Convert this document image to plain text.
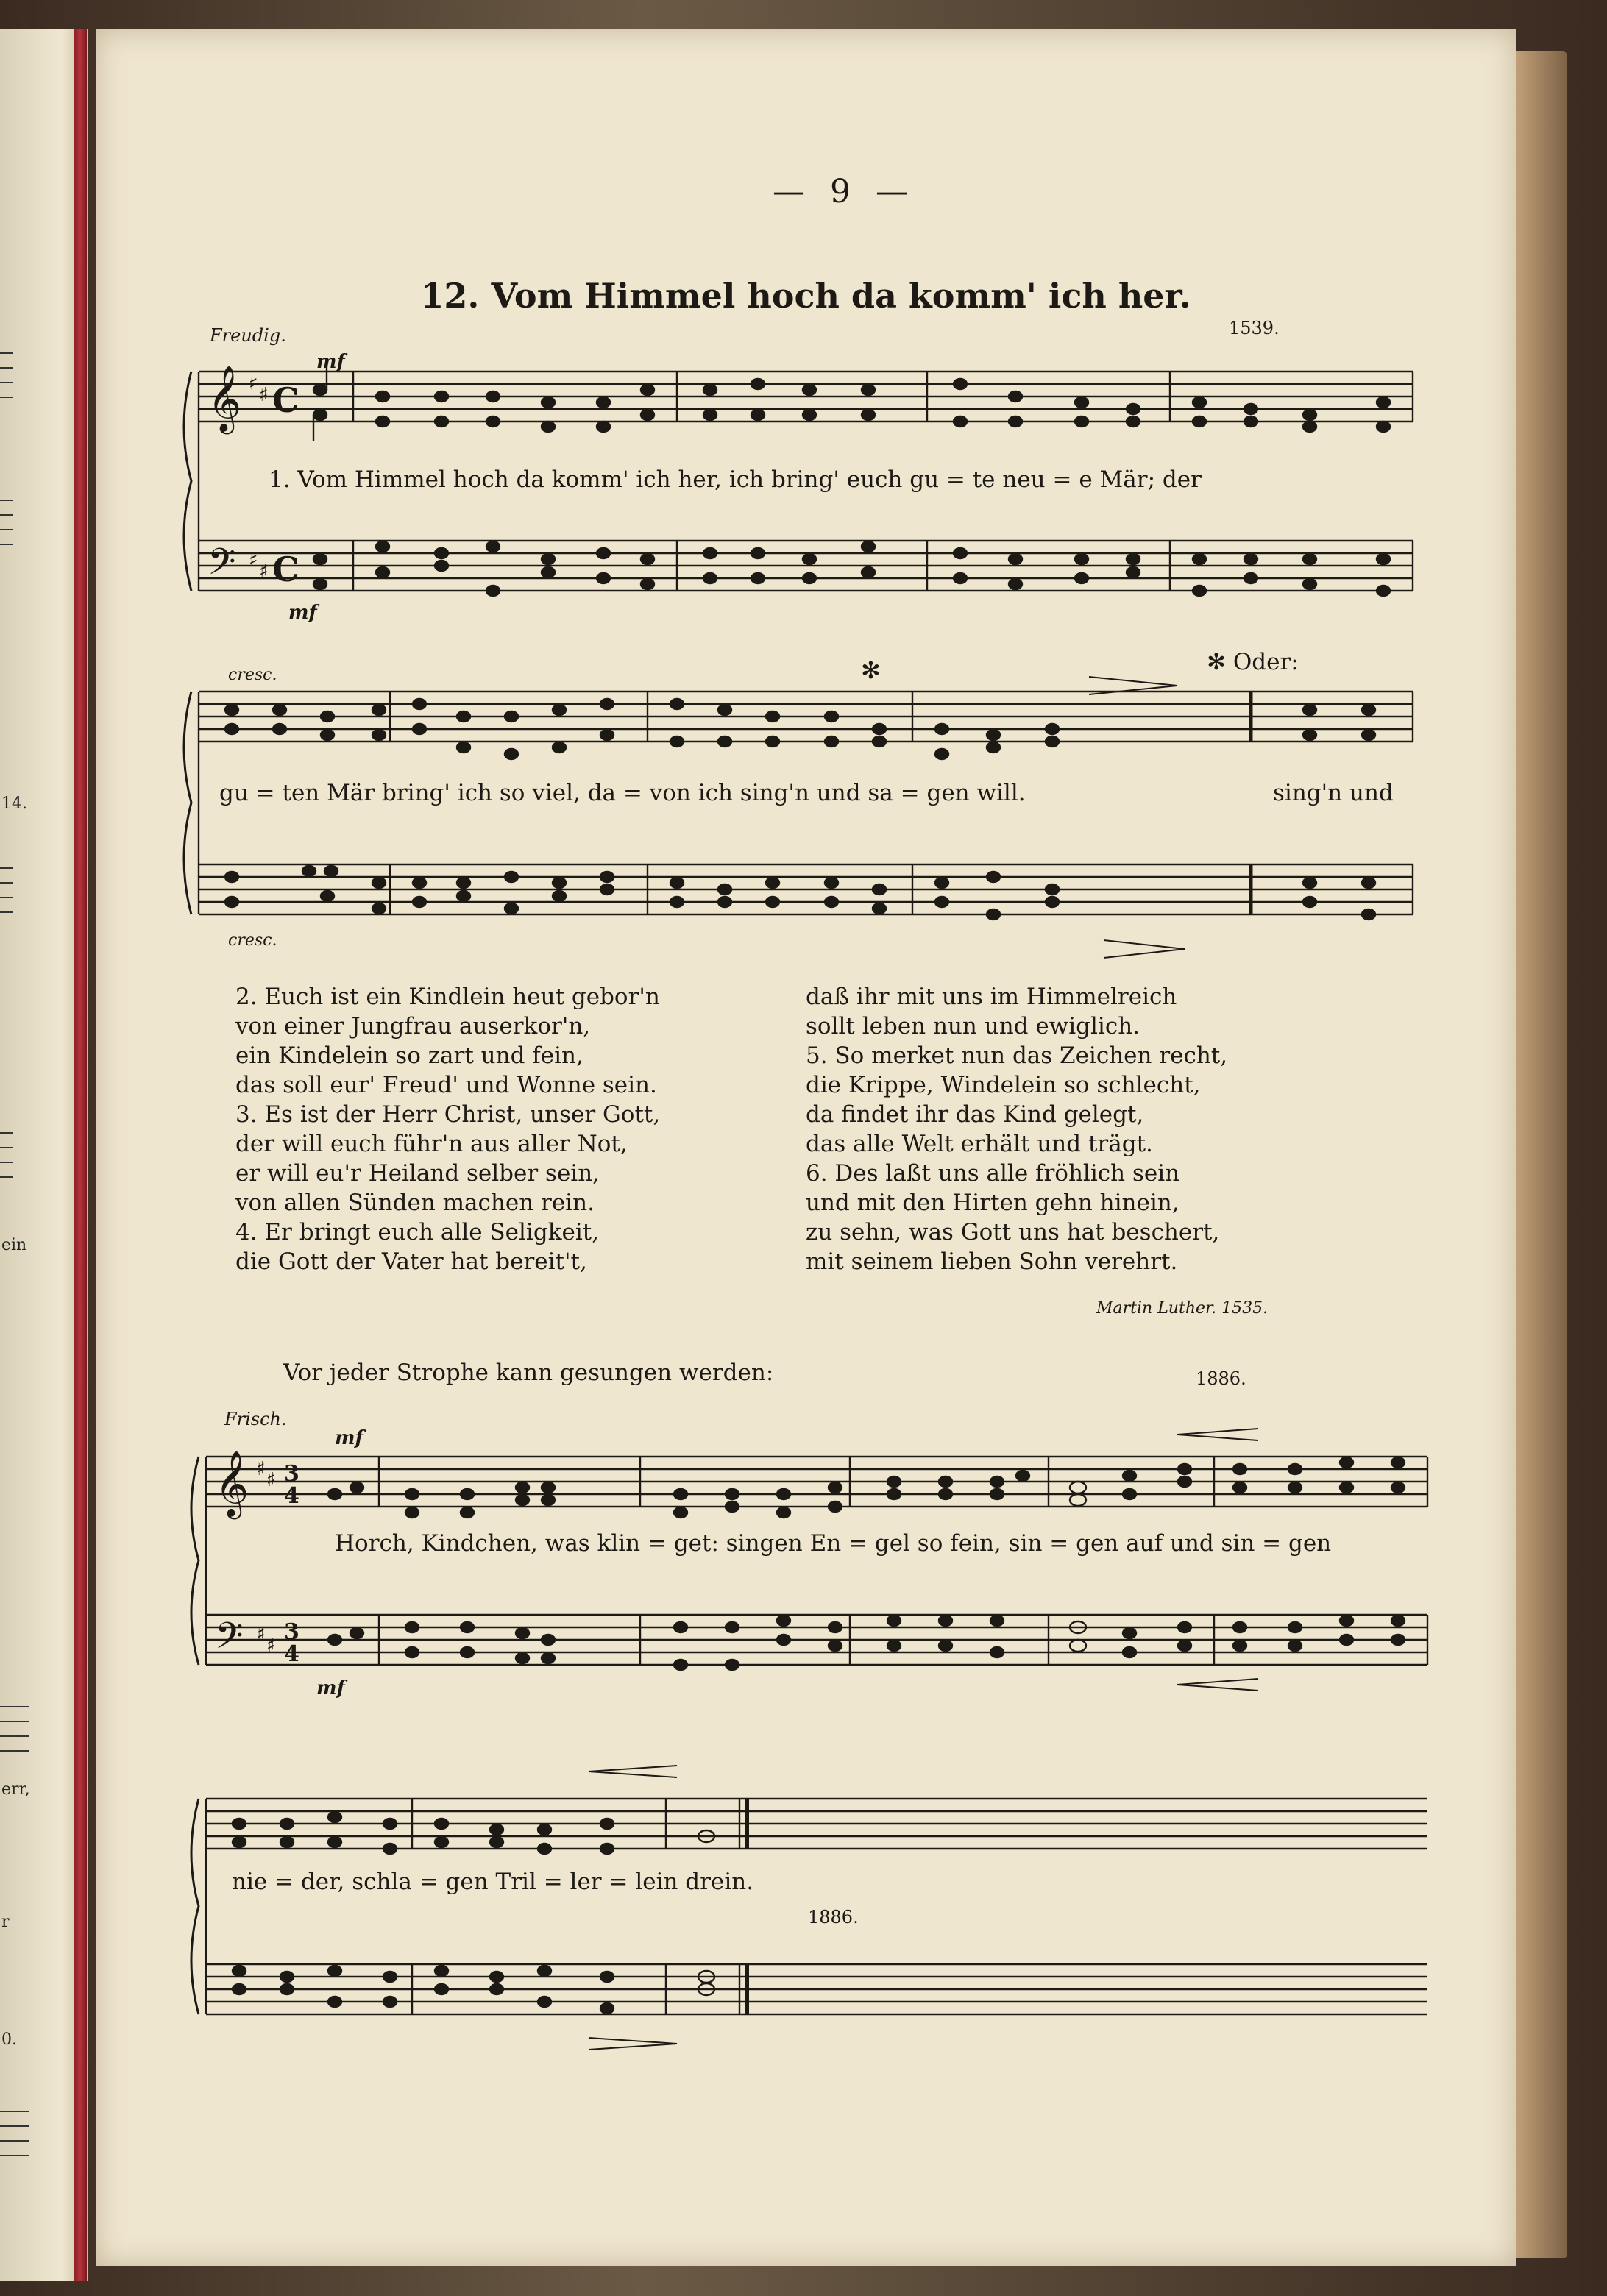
14.
ein
err,
r
0.
— 9 —
12. Vom Himmel hoch da komm' ich her.
Freudig.	1539.
𝄞
𝄢
♯ ♯
♯ ♯
C
C
mf
mf
1. Vom Himmel hoch da komm' ich her, ich bring' euch gu = te neu = e Mär; der
cresc.	✻	✻ Oder:
gu = ten Mär bring' ich so viel, da = von ich sing'n und sa = gen will.	sing'n und
cresc.
2. Euch ist ein Kindlein heut gebor'n
von einer Jungfrau auserkor'n,
ein Kindelein so zart und fein,
das soll eur' Freud' und Wonne sein.
3. Es ist der Herr Christ, unser Gott,
der will euch führ'n aus aller Not,
er will eu'r Heiland selber sein,
von allen Sünden machen rein.
4. Er bringt euch alle Seligkeit,
die Gott der Vater hat bereit't,
daß ihr mit uns im Himmelreich
sollt leben nun und ewiglich.
5. So merket nun das Zeichen recht,
die Krippe, Windelein so schlecht,
da findet ihr das Kind gelegt,
das alle Welt erhält und trägt.
6. Des laßt uns alle fröhlich sein
und mit den Hirten gehn hinein,
zu sehn, was Gott uns hat beschert,
mit seinem lieben Sohn verehrt.
Martin Luther. 1535.
Vor jeder Strophe kann gesungen werden:	1886.
Frisch.
mf
mf
𝄞
𝄢
♯ ♯
♯ ♯
3
4
3
4
Horch, Kindchen, was klin = get: singen En = gel so fein, sin = gen auf und sin = gen
nie = der, schla = gen Tril = ler = lein drein.
1886.
